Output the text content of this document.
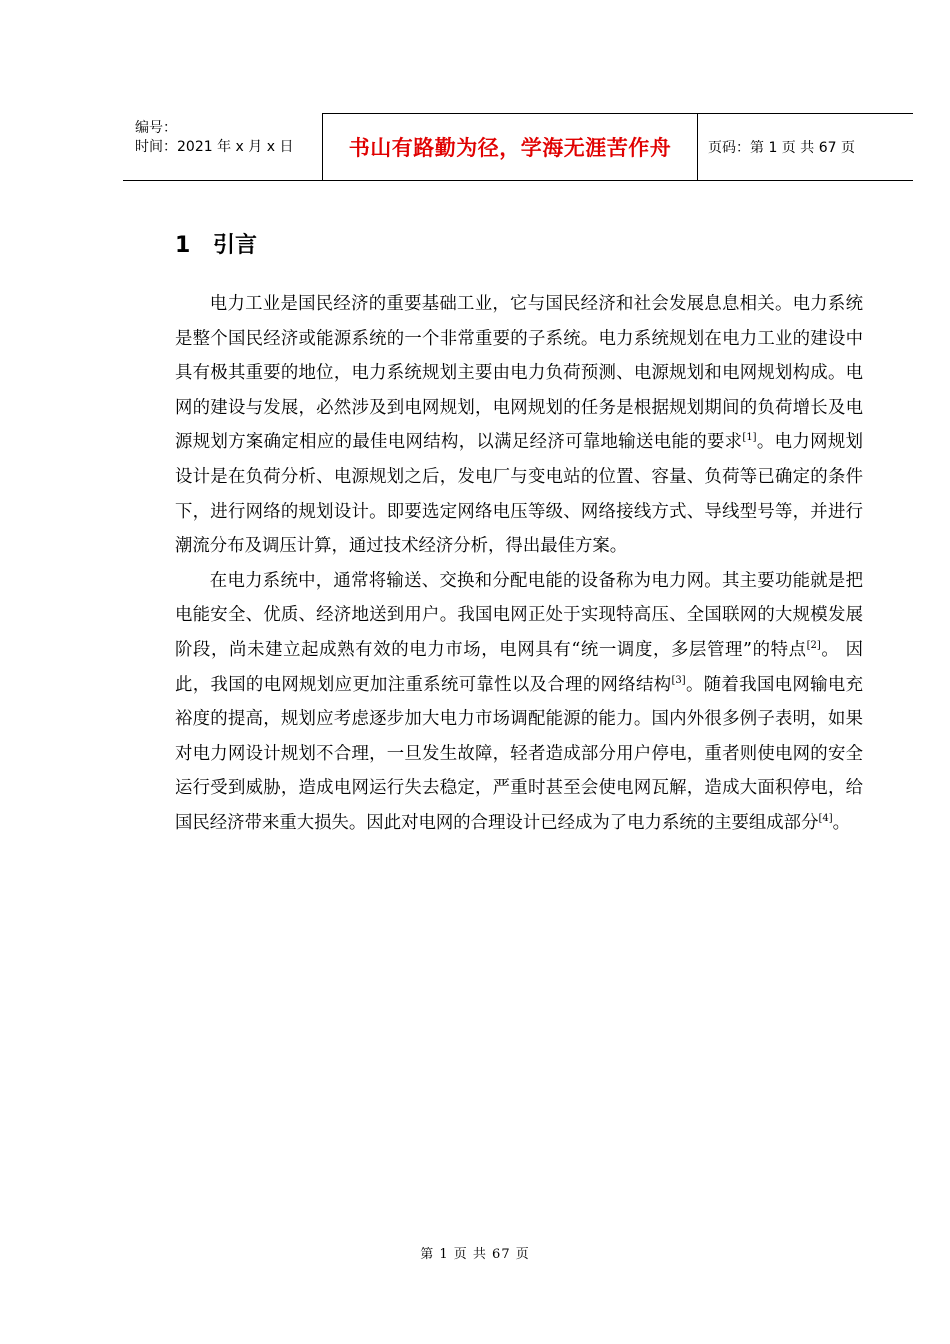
编号：
时间：2021 年 x 月 x 日	书山有路勤为径，学海无涯苦作舟	页码：第 1 页 共 67 页
1	引言

电力工业是国民经济的重要基础工业，它与国民经济和社会发展息息相关。电力系统是整个国民经济或能源系统的一个非常重要的子系统。电力系统规划在电力工业的建设中具有极其重要的地位，电力系统规划主要由电力负荷预测、电源规划和电网规划构成。电网的建设与发展，必然涉及到电网规划，电网规划的任务是根据规划期间的负荷增长及电源规划方案确定相应的最佳电网结构，以满足经济可靠地输送电能的要求[1]。电力网规划设计是在负荷分析、电源规划之后，发电厂与变电站的位置、容量、负荷等已确定的条件下，进行网络的规划设计。即要选定网络电压等级、网络接线方式、导线型号等，并进行潮流分布及调压计算，通过技术经济分析，得出最佳方案。

在电力系统中，通常将输送、交换和分配电能的设备称为电力网。其主要功能就是把电能安全、优质、经济地送到用户。我国电网正处于实现特高压、全国联网的大规模发展阶段，尚未建立起成熟有效的电力市场，电网具有“统一调度，多层管理”的特点[2]。 因此，我国的电网规划应更加注重系统可靠性以及合理的网络结构[3]。随着我国电网输电充裕度的提高，规划应考虑逐步加大电力市场调配能源的能力。国内外很多例子表明，如果对电力网设计规划不合理，一旦发生故障，轻者造成部分用户停电，重者则使电网的安全运行受到威胁，造成电网运行失去稳定，严重时甚至会使电网瓦解，造成大面积停电，给国民经济带来重大损失。因此对电网的合理设计已经成为了电力系统的主要组成部分[4]。

第 1 页 共 67 页
